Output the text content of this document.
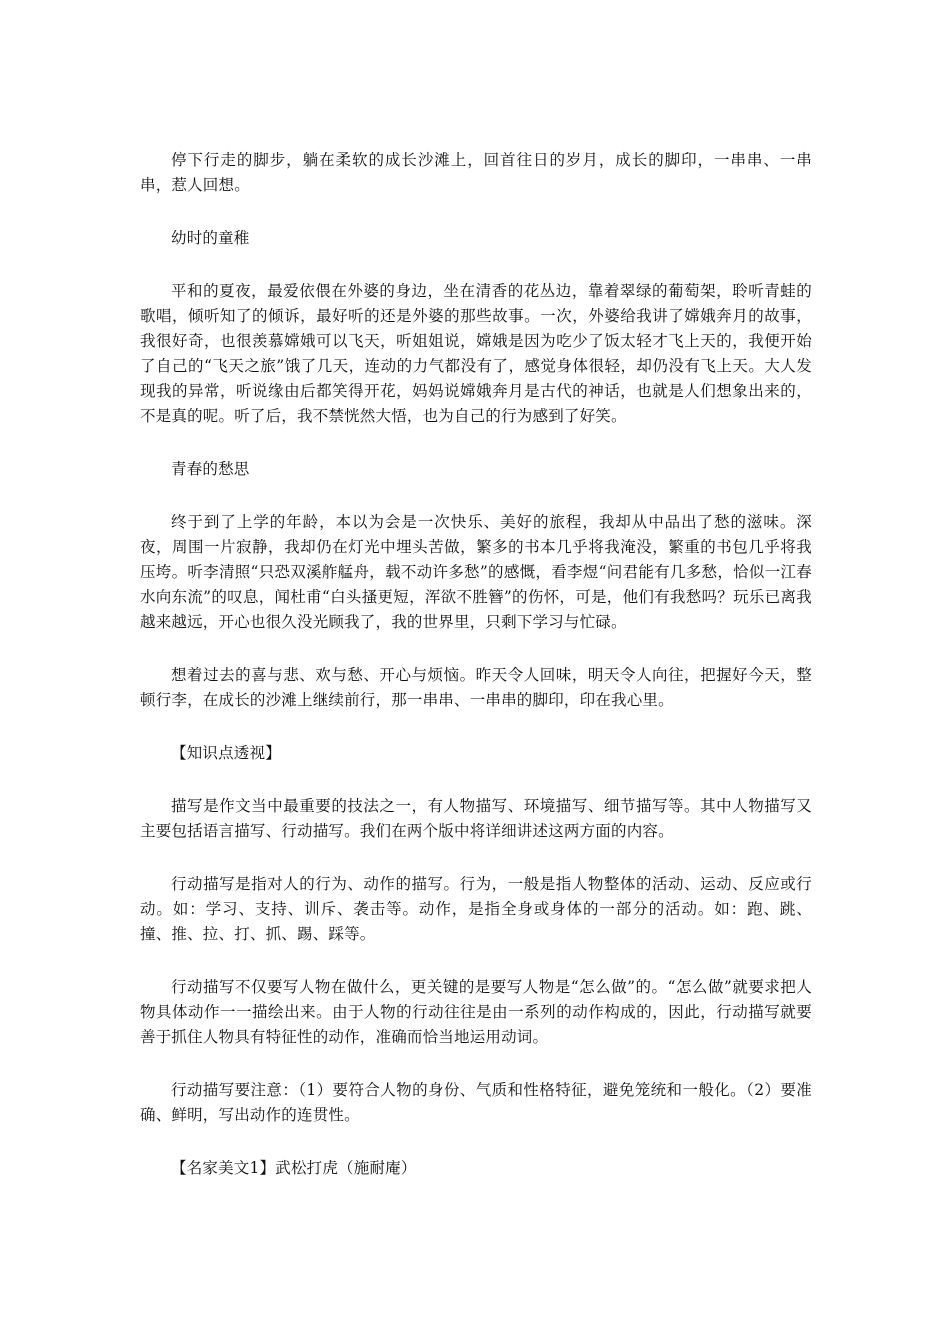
停下行走的脚步，躺在柔软的成长沙滩上，回首往日的岁月，成长的脚印，一串串、一串串，惹人回想。

幼时的童稚

平和的夏夜，最爱依偎在外婆的身边，坐在清香的花丛边，靠着翠绿的葡萄架，聆听青蛙的歌唱，倾听知了的倾诉，最好听的还是外婆的那些故事。一次，外婆给我讲了嫦娥奔月的故事，我很好奇，也很羡慕嫦娥可以飞天，听姐姐说，嫦娥是因为吃少了饭太轻才飞上天的，我便开始了自己的“飞天之旅”饿了几天，连动的力气都没有了，感觉身体很轻，却仍没有飞上天。大人发现我的异常，听说缘由后都笑得开花，妈妈说嫦娥奔月是古代的神话，也就是人们想象出来的，不是真的呢。听了后，我不禁恍然大悟，也为自己的行为感到了好笑。

青春的愁思

终于到了上学的年龄，本以为会是一次快乐、美好的旅程，我却从中品出了愁的滋味。深夜，周围一片寂静，我却仍在灯光中埋头苦做，繁多的书本几乎将我淹没，繁重的书包几乎将我压垮。听李清照“只恐双溪舴艋舟，载不动许多愁”的感慨，看李煜“问君能有几多愁，恰似一江春水向东流”的叹息，闻杜甫“白头搔更短，浑欲不胜簪”的伤怀，可是，他们有我愁吗？玩乐已离我越来越远，开心也很久没光顾我了，我的世界里，只剩下学习与忙碌。

想着过去的喜与悲、欢与愁、开心与烦恼。昨天令人回味，明天令人向往，把握好今天，整顿行李，在成长的沙滩上继续前行，那一串串、一串串的脚印，印在我心里。

【知识点透视】

描写是作文当中最重要的技法之一，有人物描写、环境描写、细节描写等。其中人物描写又主要包括语言描写、行动描写。我们在两个版中将详细讲述这两方面的内容。

行动描写是指对人的行为、动作的描写。行为，一般是指人物整体的活动、运动、反应或行动。如：学习、支持、训斥、袭击等。动作，是指全身或身体的一部分的活动。如：跑、跳、撞、推、拉、打、抓、踢、踩等。

行动描写不仅要写人物在做什么，更关键的是要写人物是“怎么做”的。“怎么做”就要求把人物具体动作一一描绘出来。由于人物的行动往往是由一系列的动作构成的，因此，行动描写就要善于抓住人物具有特征性的动作，准确而恰当地运用动词。

行动描写要注意：（1）要符合人物的身份、气质和性格特征，避免笼统和一般化。（2）要准确、鲜明，写出动作的连贯性。

【名家美文1】武松打虎（施耐庵）
